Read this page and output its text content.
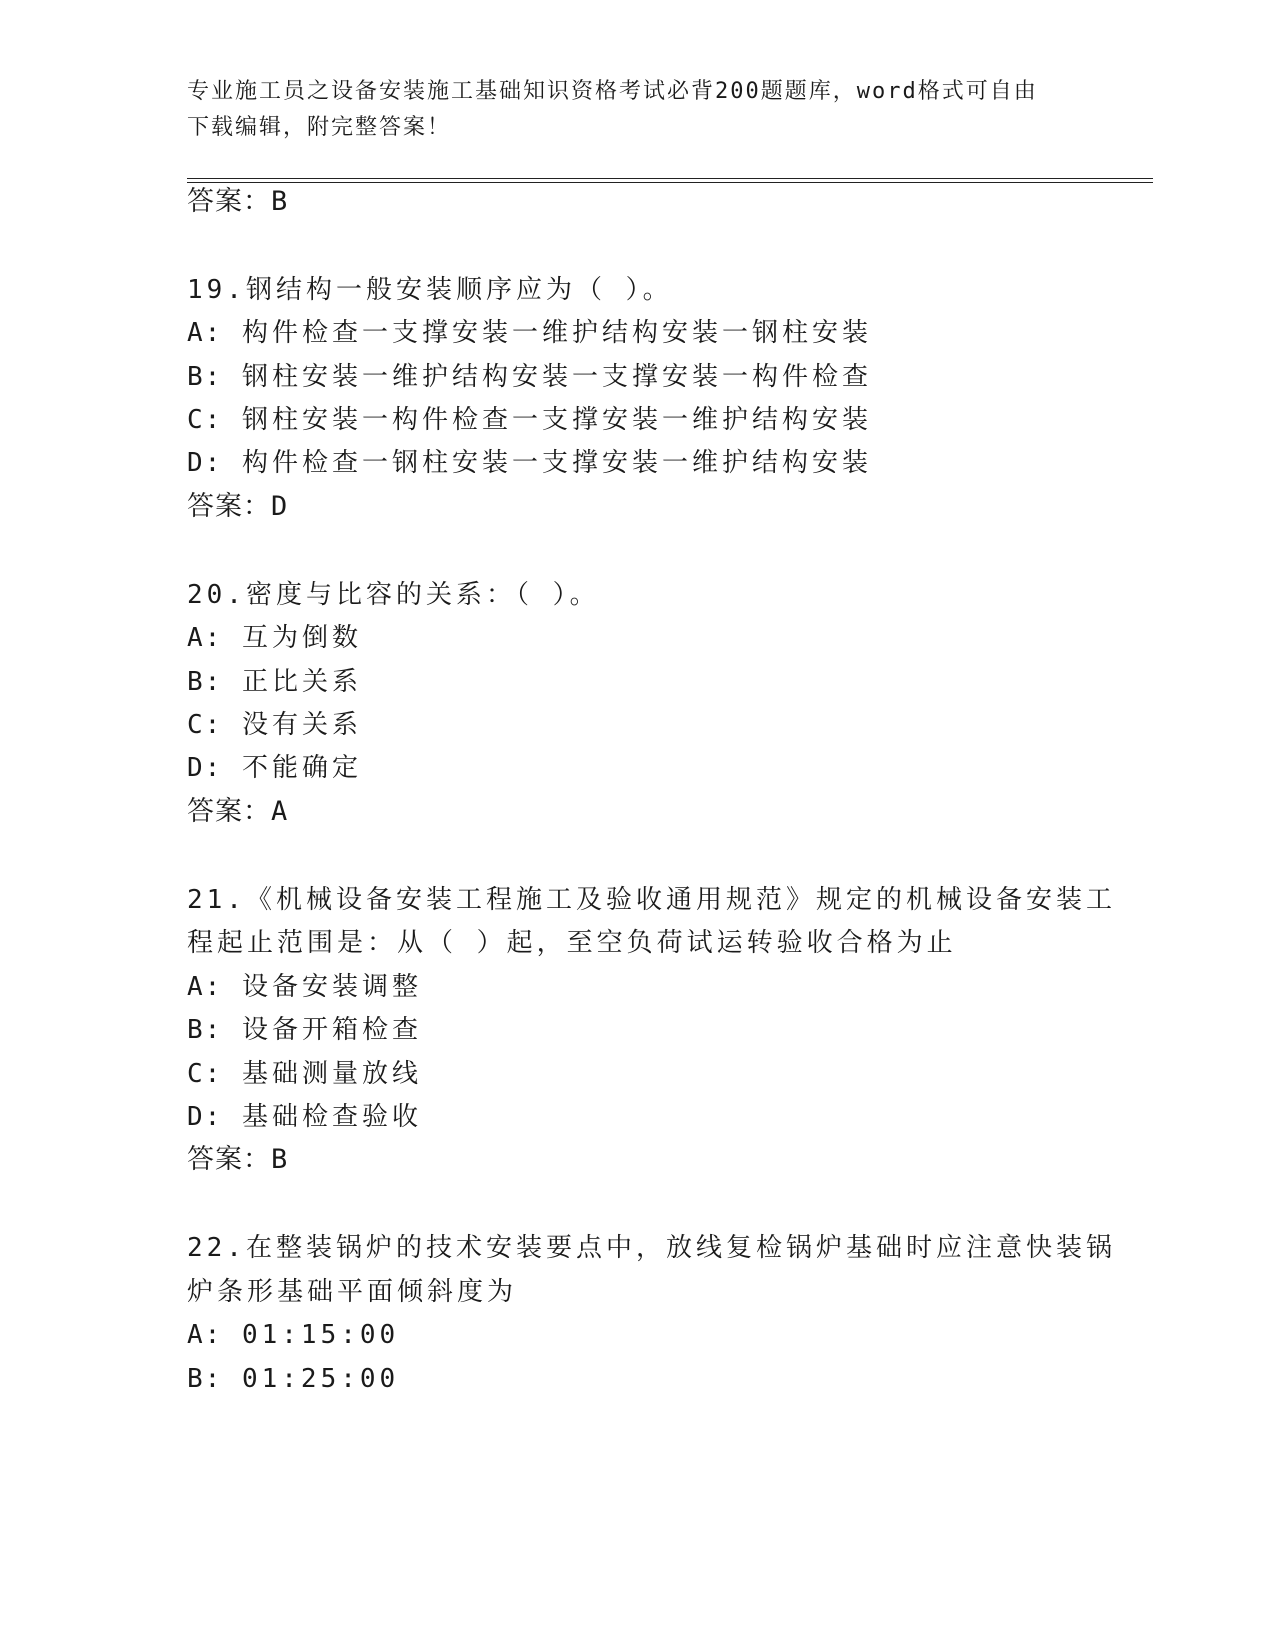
专业施工员之设备安装施工基础知识资格考试必背200题题库，word格式可自由
下载编辑，附完整答案！
答案：B
19.钢结构一般安装顺序应为（ ）。
A: 构件检查一支撑安装一维护结构安装一钢柱安装
B: 钢柱安装一维护结构安装一支撑安装一构件检查
C: 钢柱安装一构件检查一支撑安装一维护结构安装
D: 构件检查一钢柱安装一支撑安装一维护结构安装
答案：D
20.密度与比容的关系：（ ）。
A: 互为倒数
B: 正比关系
C: 没有关系
D: 不能确定
答案：A
21.《机械设备安装工程施工及验收通用规范》规定的机械设备安装工
程起止范围是：从（ ）起，至空负荷试运转验收合格为止
A: 设备安装调整
B: 设备开箱检查
C: 基础测量放线
D: 基础检查验收
答案：B
22.在整装锅炉的技术安装要点中，放线复检锅炉基础时应注意快装锅
炉条形基础平面倾斜度为
A: 01:15:00
B: 01:25:00
